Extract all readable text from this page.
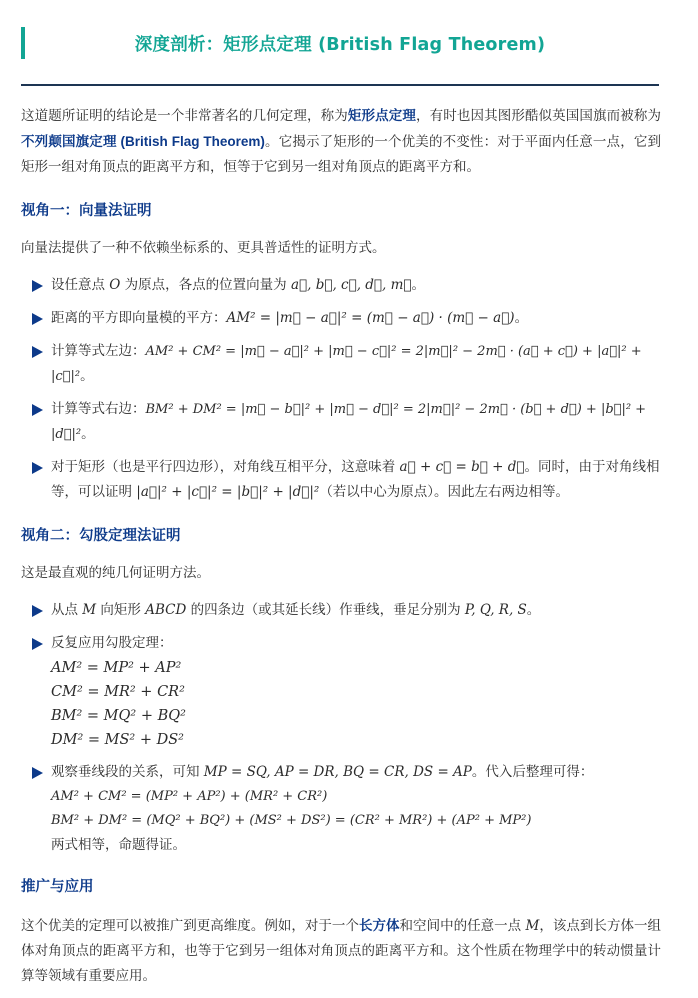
深度剖析：矩形点定理 (British Flag Theorem)

这道题所证明的结论是一个非常著名的几何定理，称为矩形点定理，有时也因其图形酷似英国国旗而被称为不列颠国旗定理 (British Flag Theorem)。它揭示了矩形的一个优美的不变性：对于平面内任意一点，它到矩形一组对角顶点的距离平方和，恒等于它到另一组对角顶点的距离平方和。

视角一：向量法证明

向量法提供了一种不依赖坐标系的、更具普适性的证明方式。

设任意点 O 为原点，各点的位置向量为 a⃗, b⃗, c⃗, d⃗, m⃗。
距离的平方即向量模的平方：AM² = |m⃗ − a⃗|² = (m⃗ − a⃗) · (m⃗ − a⃗)。
计算等式左边：AM² + CM² = |m⃗ − a⃗|² + |m⃗ − c⃗|² = 2|m⃗|² − 2m⃗ · (a⃗ + c⃗) + |a⃗|² + |c⃗|²。
计算等式右边：BM² + DM² = |m⃗ − b⃗|² + |m⃗ − d⃗|² = 2|m⃗|² − 2m⃗ · (b⃗ + d⃗) + |b⃗|² + |d⃗|²。
对于矩形（也是平行四边形），对角线互相平分，这意味着 a⃗ + c⃗ = b⃗ + d⃗。同时，由于对角线相等，可以证明 |a⃗|² + |c⃗|² = |b⃗|² + |d⃗|²（若以中心为原点）。因此左右两边相等。
视角二：勾股定理法证明

这是最直观的纯几何证明方法。

从点 M 向矩形 ABCD 的四条边（或其延长线）作垂线，垂足分别为 P, Q, R, S。
反复应用勾股定理：
AM² = MP² + AP²
CM² = MR² + CR²
BM² = MQ² + BQ²
DM² = MS² + DS²
观察垂线段的关系，可知 MP = SQ, AP = DR, BQ = CR, DS = AP。代入后整理可得：
AM² + CM² = (MP² + AP²) + (MR² + CR²)
BM² + DM² = (MQ² + BQ²) + (MS² + DS²) = (CR² + MR²) + (AP² + MP²)
两式相等，命题得证。
推广与应用

这个优美的定理可以被推广到更高维度。例如，对于一个长方体和空间中的任意一点 M，该点到长方体一组体对角顶点的距离平方和，也等于它到另一组体对角顶点的距离平方和。这个性质在物理学中的转动惯量计算等领域有重要应用。
